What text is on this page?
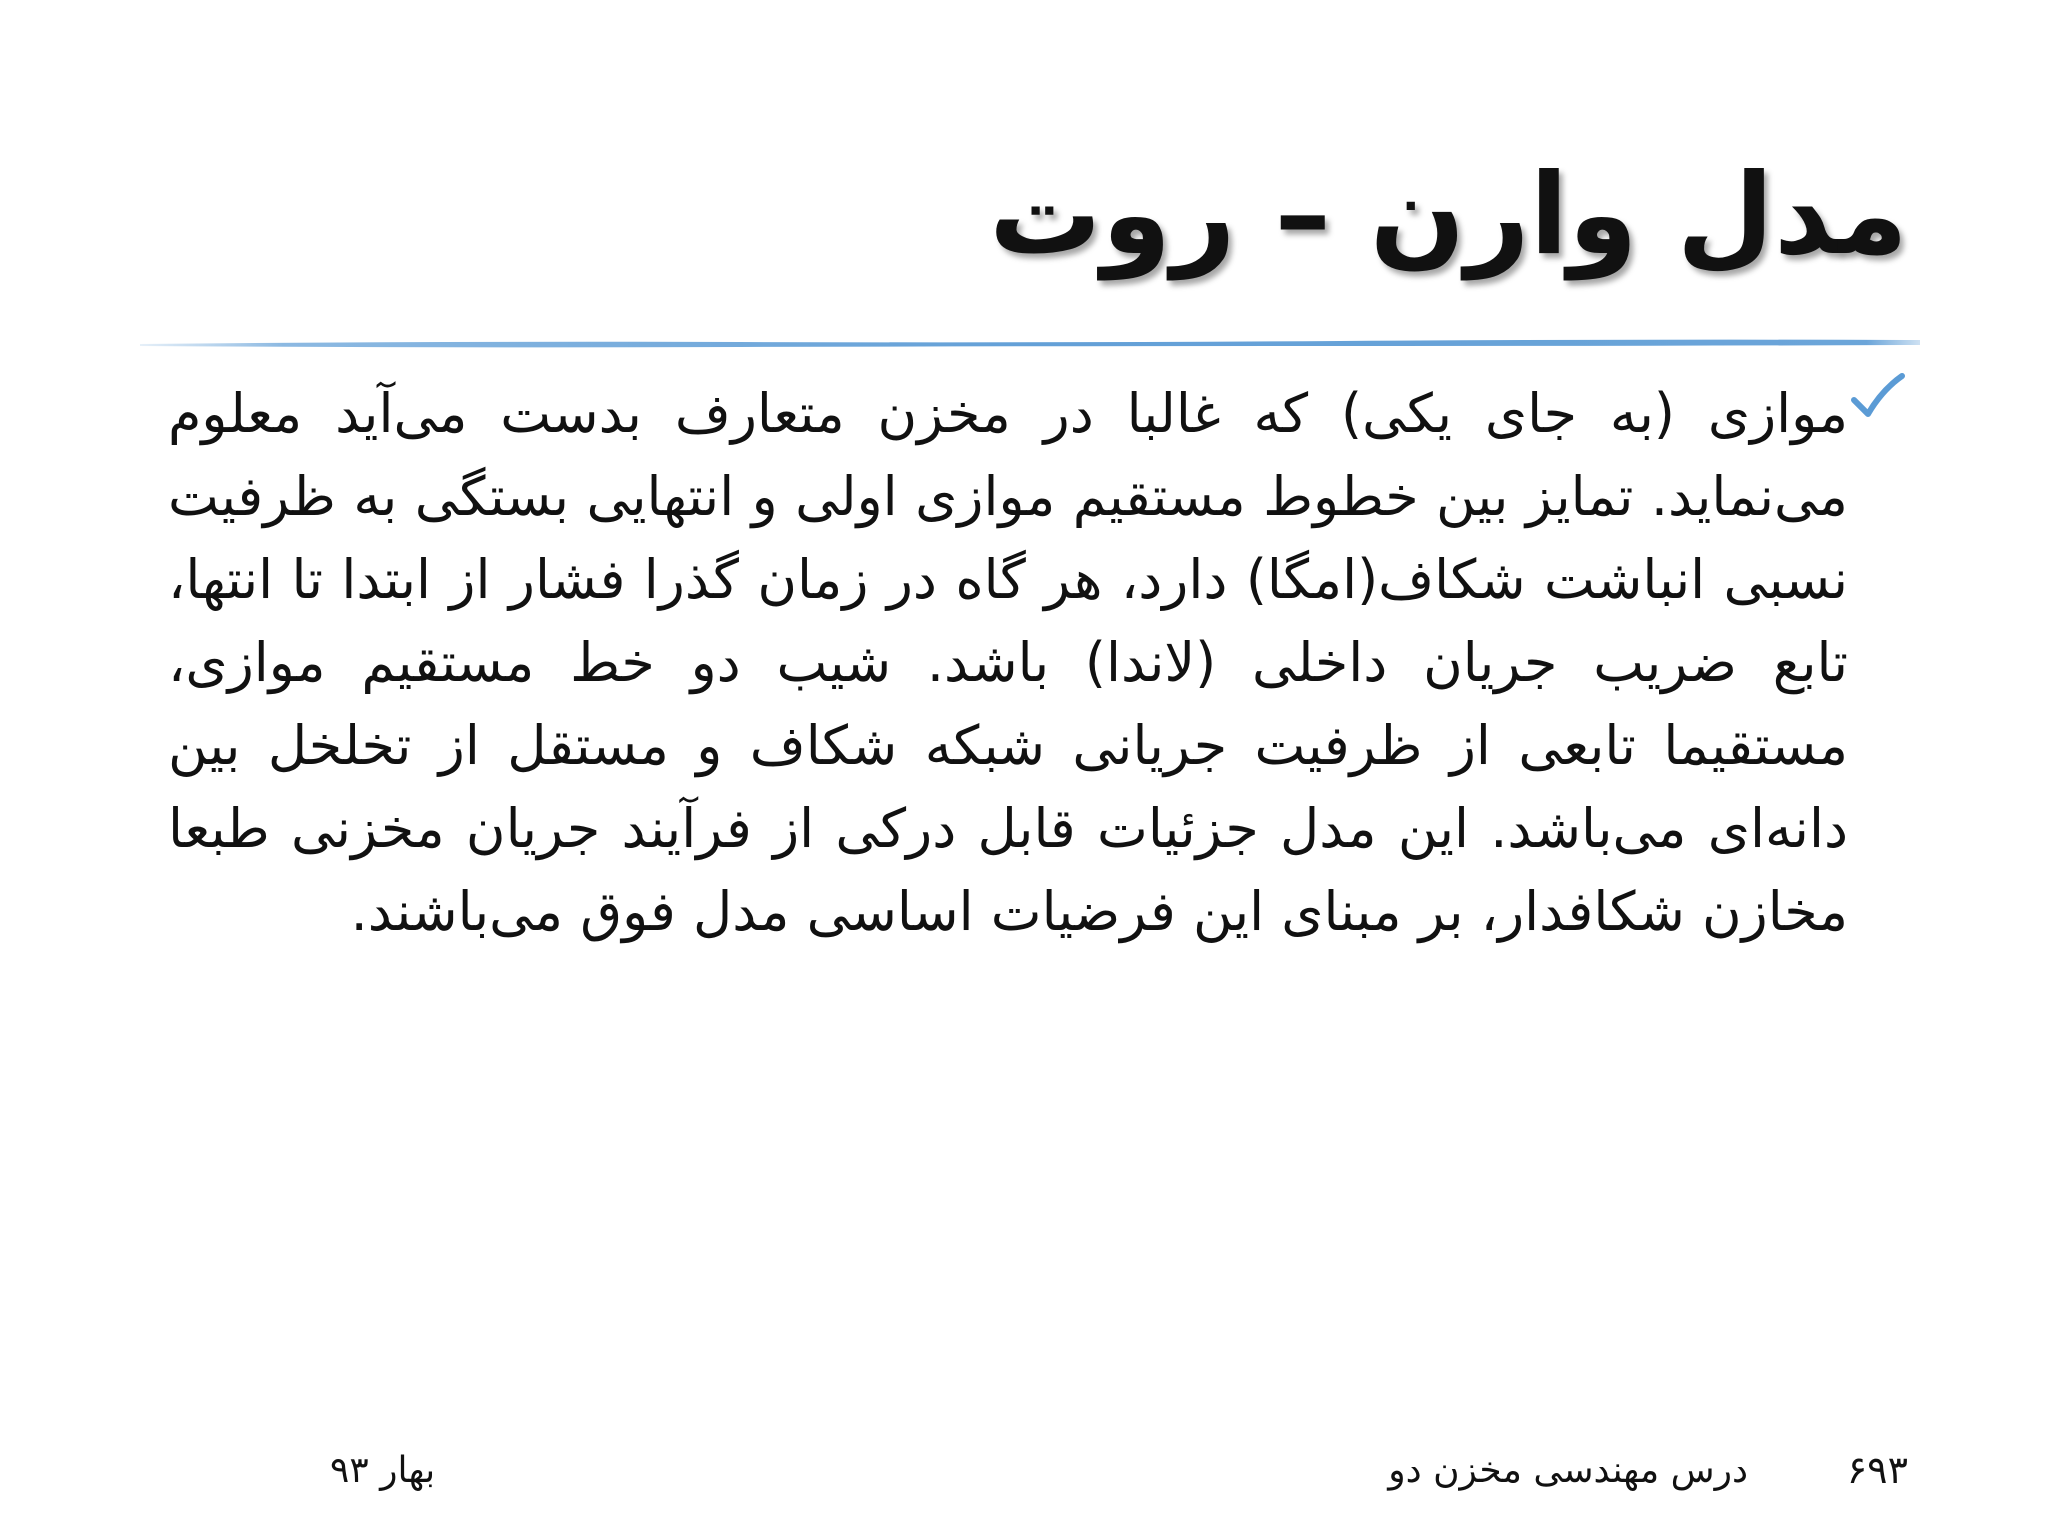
مدل وارن – روت
موازی (به جای یکی) که غالبا در مخزن متعارف بدست می‌آید معلوم می‌نماید. تمایز بین خطوط مستقیم موازی اولی و انتهایی بستگی به ظرفیت نسبی انباشت شکاف(امگا) دارد، هر گاه در زمان گذرا فشار از ابتدا تا انتها، تابع ضریب جریان داخلی (لاندا) باشد. شیب دو خط مستقیم موازی، مستقیما تابعی از ظرفیت جریانی شبکه شکاف و مستقل از تخلخل بین دانه‌ای می‌باشد. این مدل جزئیات قابل درکی از فرآیند جریان مخزنی طبعا مخازن شکافدار، بر مبنای این فرضیات اساسی مدل فوق می‌باشند.
۶۹۳
درس مهندسی مخزن دو
بهار ۹۳
